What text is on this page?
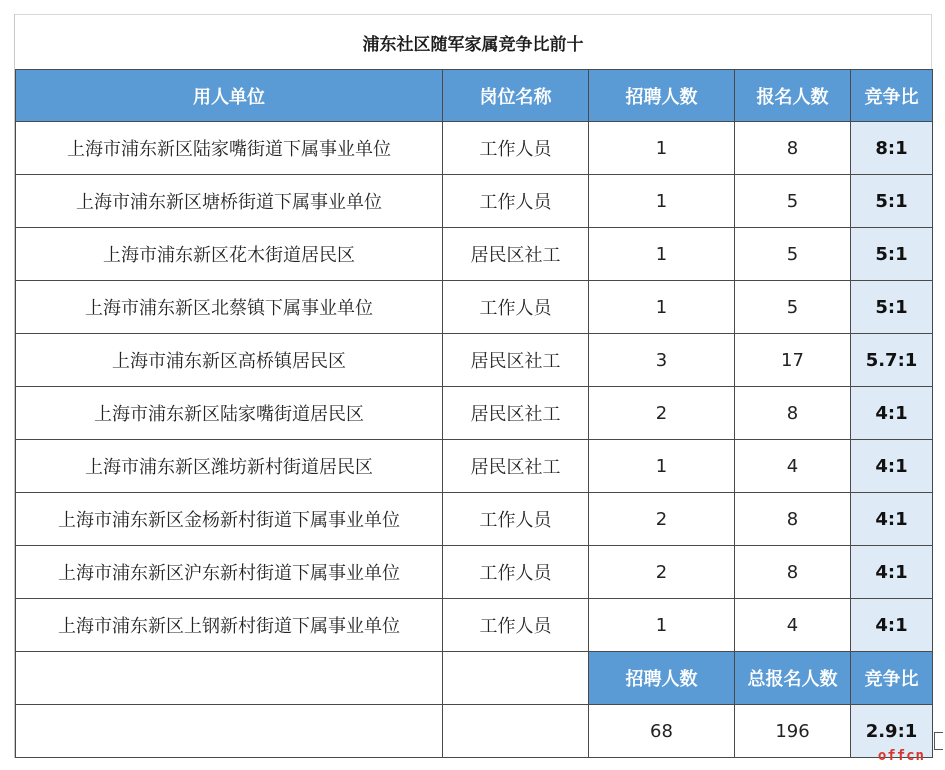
浦东社区随军家属竞争比前十
用人单位	岗位名称	招聘人数	报名人数	竞争比
上海市浦东新区陆家嘴街道下属事业单位	工作人员	1	8	8:1
上海市浦东新区塘桥街道下属事业单位	工作人员	1	5	5:1
上海市浦东新区花木街道居民区	居民区社工	1	5	5:1
上海市浦东新区北蔡镇下属事业单位	工作人员	1	5	5:1
上海市浦东新区高桥镇居民区	居民区社工	3	17	5.7:1
上海市浦东新区陆家嘴街道居民区	居民区社工	2	8	4:1
上海市浦东新区潍坊新村街道居民区	居民区社工	1	4	4:1
上海市浦东新区金杨新村街道下属事业单位	工作人员	2	8	4:1
上海市浦东新区沪东新村街道下属事业单位	工作人员	2	8	4:1
上海市浦东新区上钢新村街道下属事业单位	工作人员	1	4	4:1
		招聘人数	总报名人数	竞争比
		68	196	2.9:1
offcn
